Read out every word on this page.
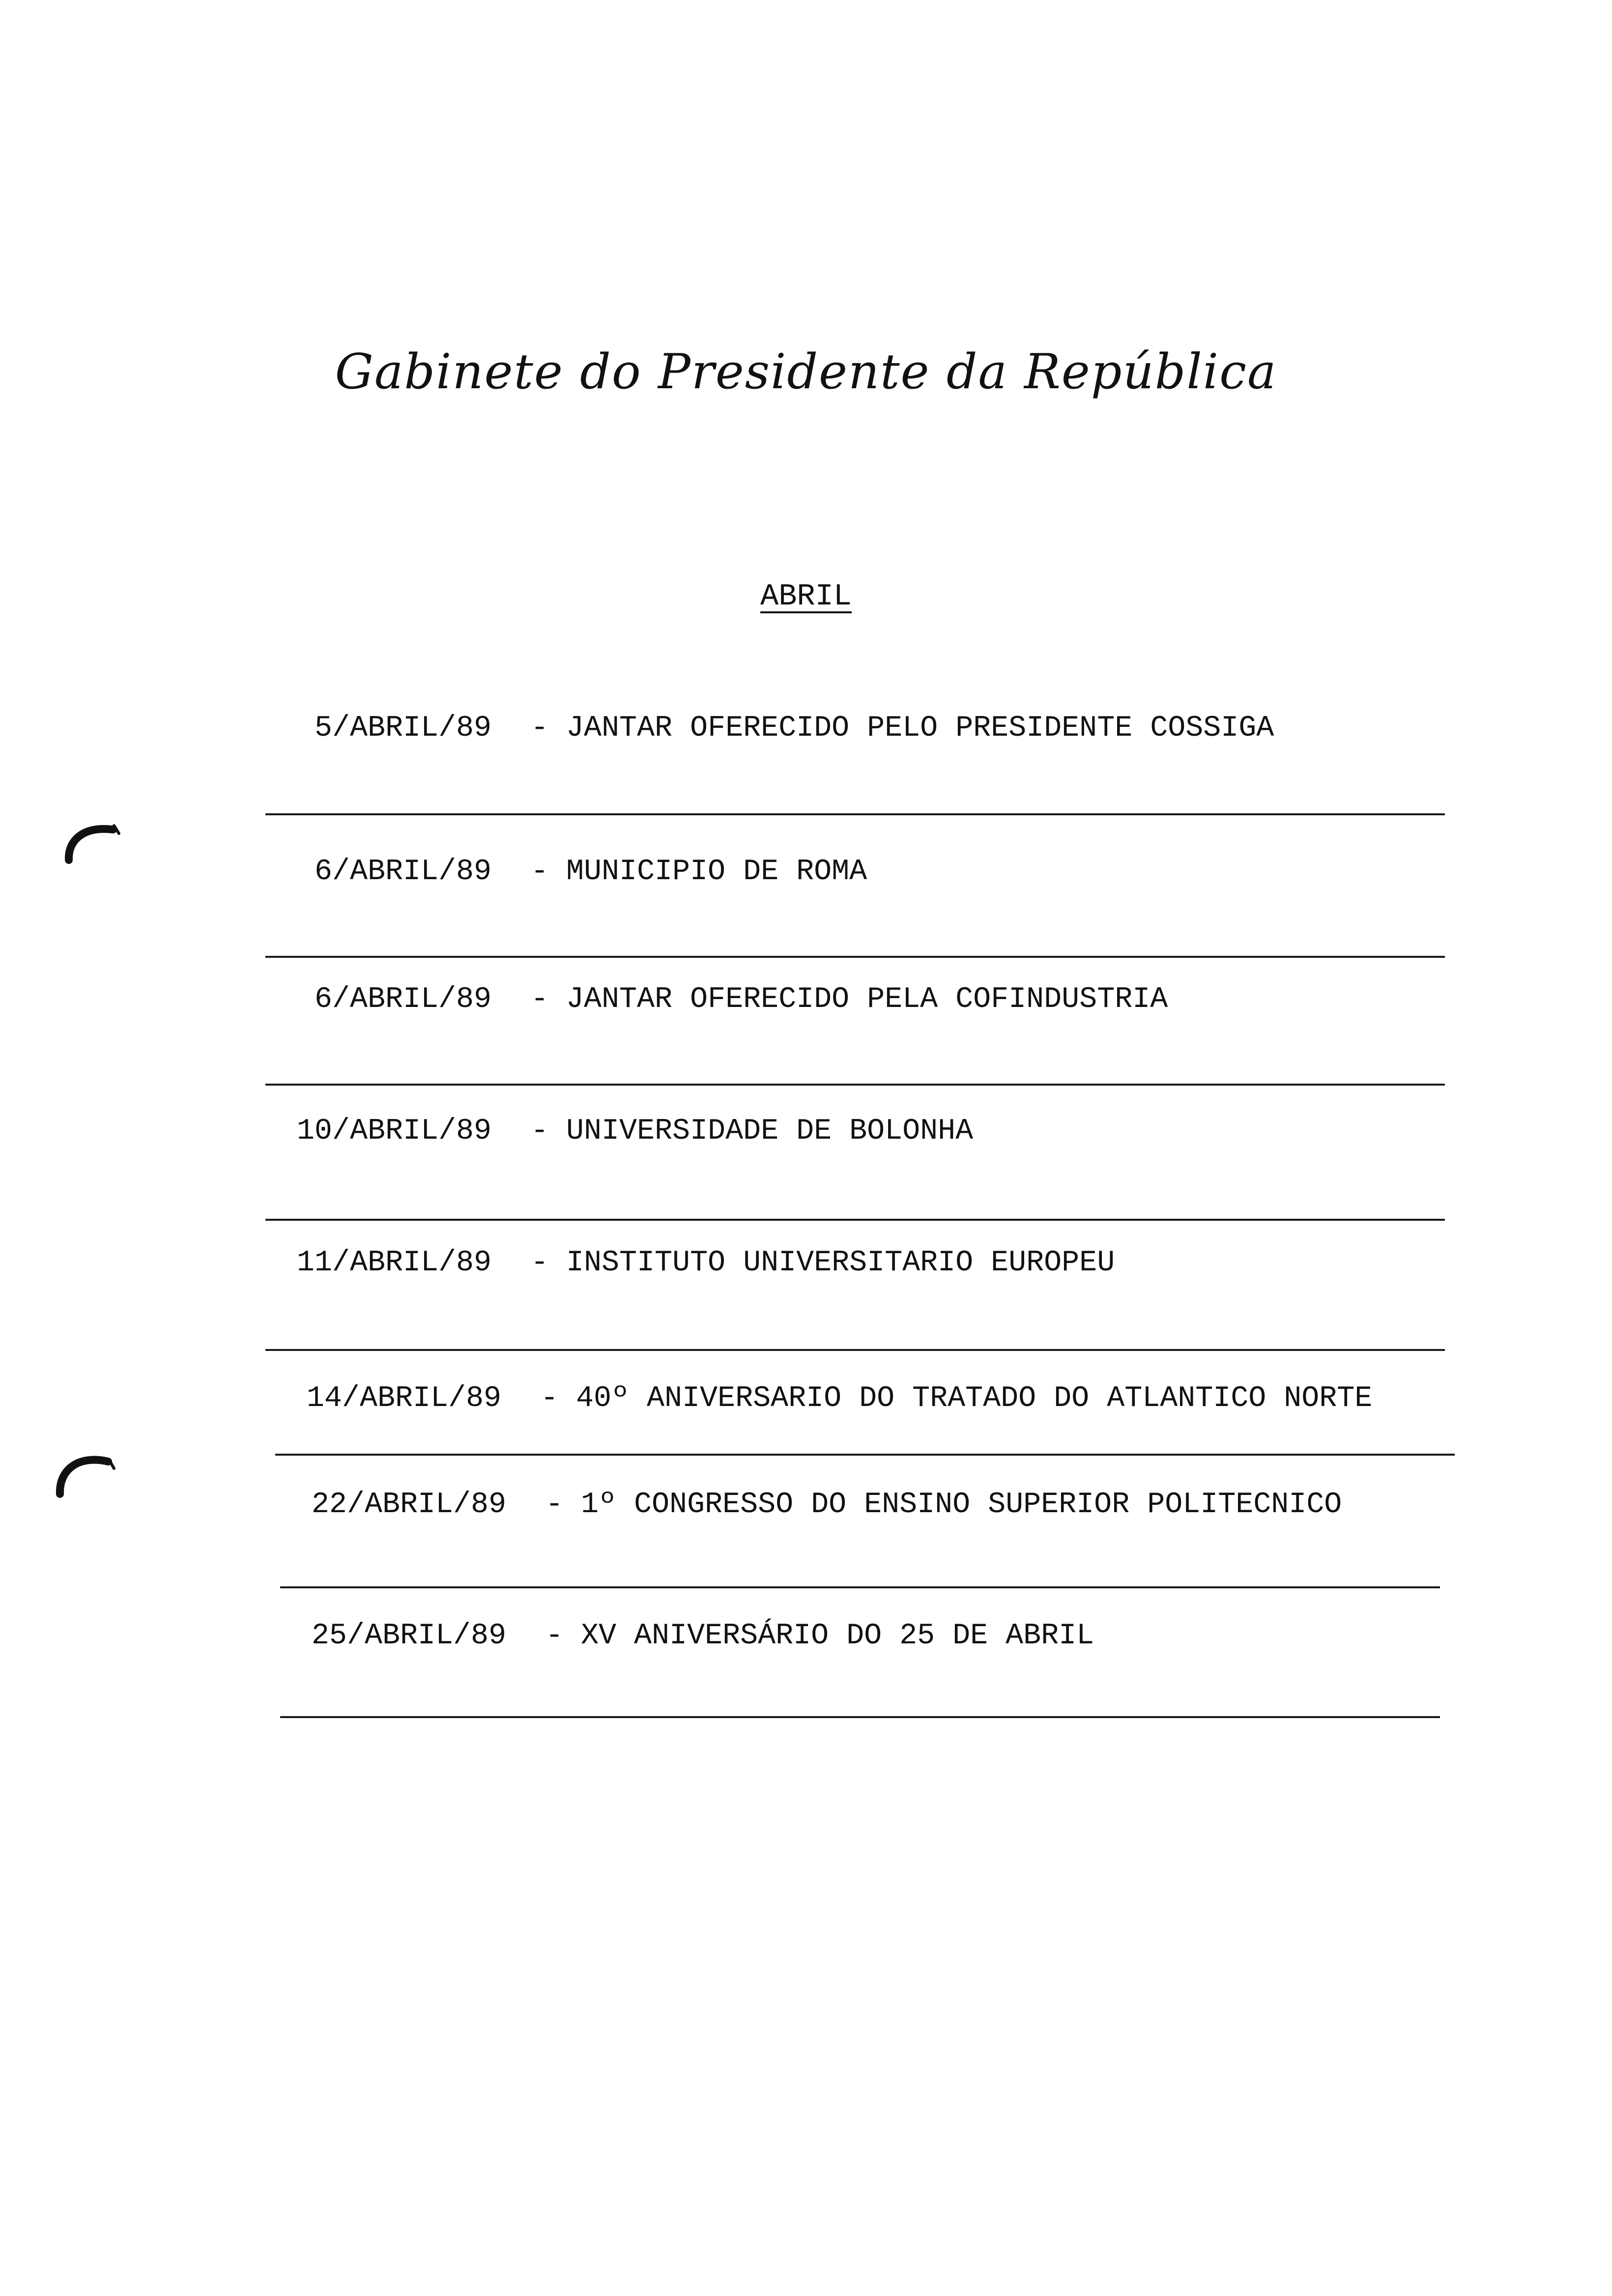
Gabinete do Presidente da República
ABRIL
5/ABRIL/89 - JANTAR OFERECIDO PELO PRESIDENTE COSSIGA
6/ABRIL/89 - MUNICIPIO DE ROMA
6/ABRIL/89 - JANTAR OFERECIDO PELA COFINDUSTRIA
10/ABRIL/89 - UNIVERSIDADE DE BOLONHA
11/ABRIL/89 - INSTITUTO UNIVERSITARIO EUROPEU
14/ABRIL/89 - 40º ANIVERSARIO DO TRATADO DO ATLANTICO NORTE
22/ABRIL/89 - 1º CONGRESSO DO ENSINO SUPERIOR POLITECNICO
25/ABRIL/89 - XV ANIVERSÁRIO DO 25 DE ABRIL
